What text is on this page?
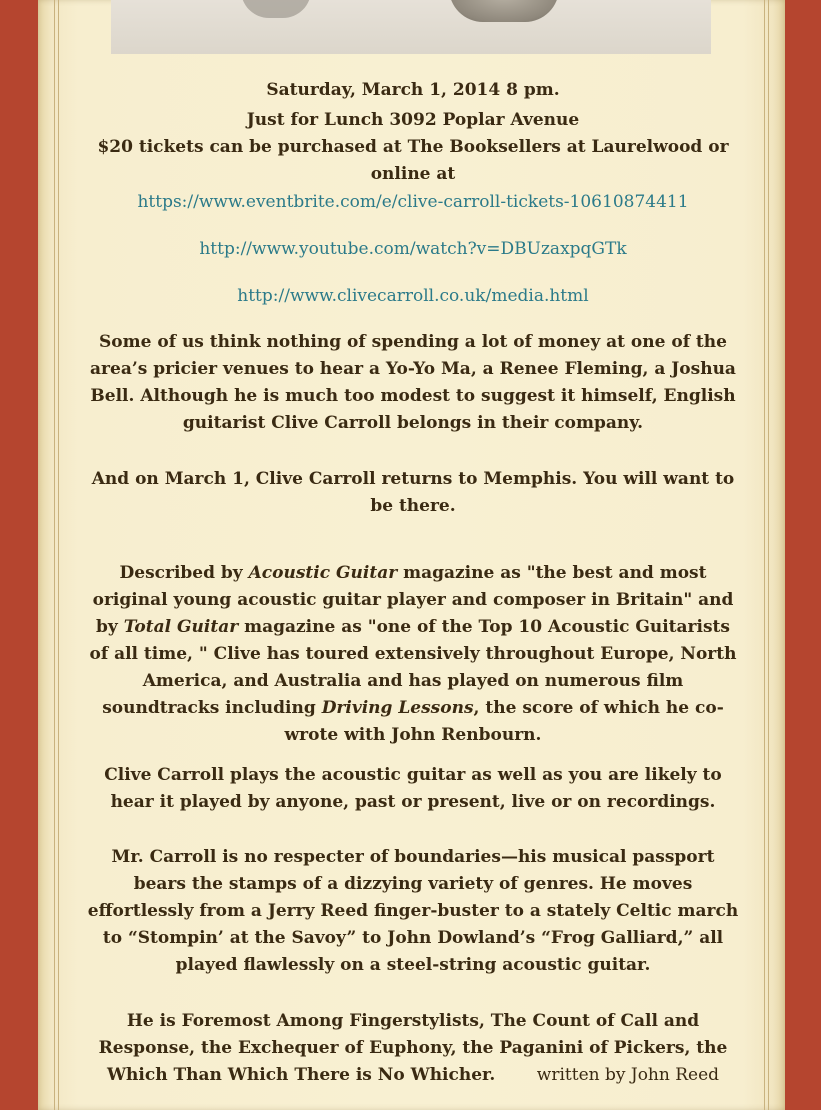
Saturday, March 1, 2014 8 pm.

Just for Lunch 3092 Poplar Avenue

$20 tickets can be purchased at The Booksellers at Laurelwood or online at

https://www.eventbrite.com/e/clive-carroll-tickets-10610874411

http://www.youtube.com/watch?v=DBUzaxpqGTk

http://www.clivecarroll.co.uk/media.html

Some of us think nothing of spending a lot of money at one of the area’s pricier venues to hear a Yo-Yo Ma, a Renee Fleming, a Joshua Bell. Although he is much too modest to suggest it himself, English guitarist Clive Carroll belongs in their company.

And on March 1, Clive Carroll returns to Memphis. You will want to be there.

Described by Acoustic Guitar magazine as "the best and most original young acoustic guitar player and composer in Britain" and by Total Guitar magazine as "one of the Top 10 Acoustic Guitarists of all time, " Clive has toured extensively throughout Europe, North America, and Australia and has played on numerous film soundtracks including Driving Lessons, the score of which he co-wrote with John Renbourn.

Clive Carroll plays the acoustic guitar as well as you are likely to hear it played by anyone, past or present, live or on recordings.

Mr. Carroll is no respecter of boundaries—his musical passport bears the stamps of a dizzying variety of genres. He moves effortlessly from a Jerry Reed finger-buster to a stately Celtic march to “Stompin’ at the Savoy” to John Dowland’s “Frog Galliard,” all played flawlessly on a steel-string acoustic guitar.

He is Foremost Among Fingerstylists, The Count of Call and Response, the Exchequer of Euphony, the Paganini of Pickers, the Which Than Which There is No Whicher. written by John Reed
